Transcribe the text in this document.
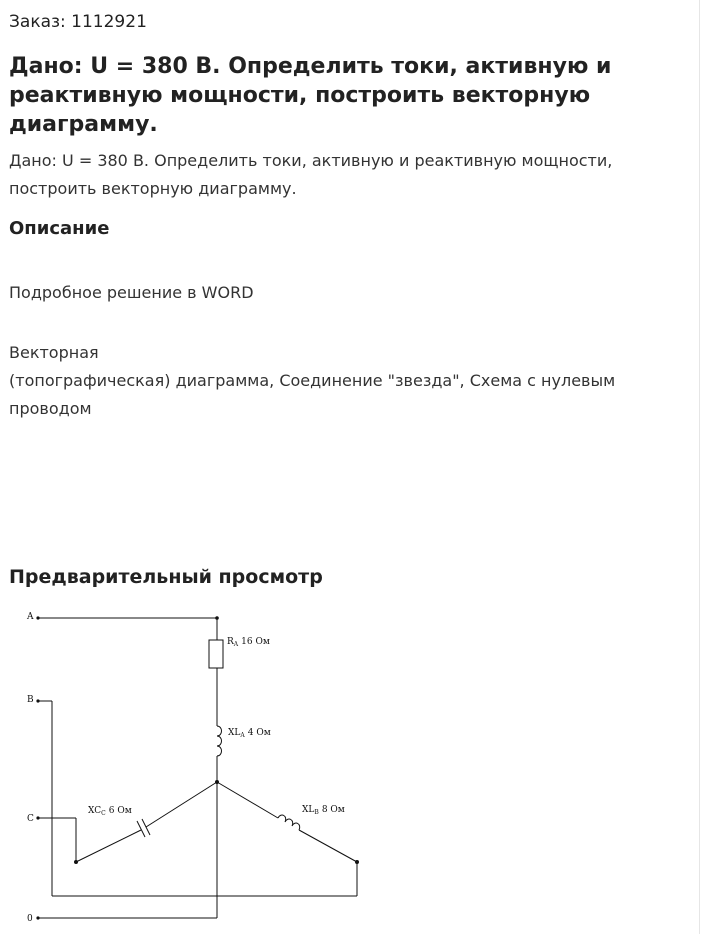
Заказ: 1112921
Дано: U = 380 В. Определить токи, активную и реактивную мощности, построить векторную диаграмму.

Дано: U = 380 В. Определить токи, активную и реактивную мощности, построить векторную диаграмму.

Описание

Подробное решение в WORD

Векторная
(топографическая) диаграмма, Соединение "звезда", Схема с нулевым проводом

Предварительный просмотр
A
B
C
0
$R_A$ 16 Ом
$XL_A$ 4 Ом
$XC_C$ 6 Ом	$XL_B$ 8 Ом
